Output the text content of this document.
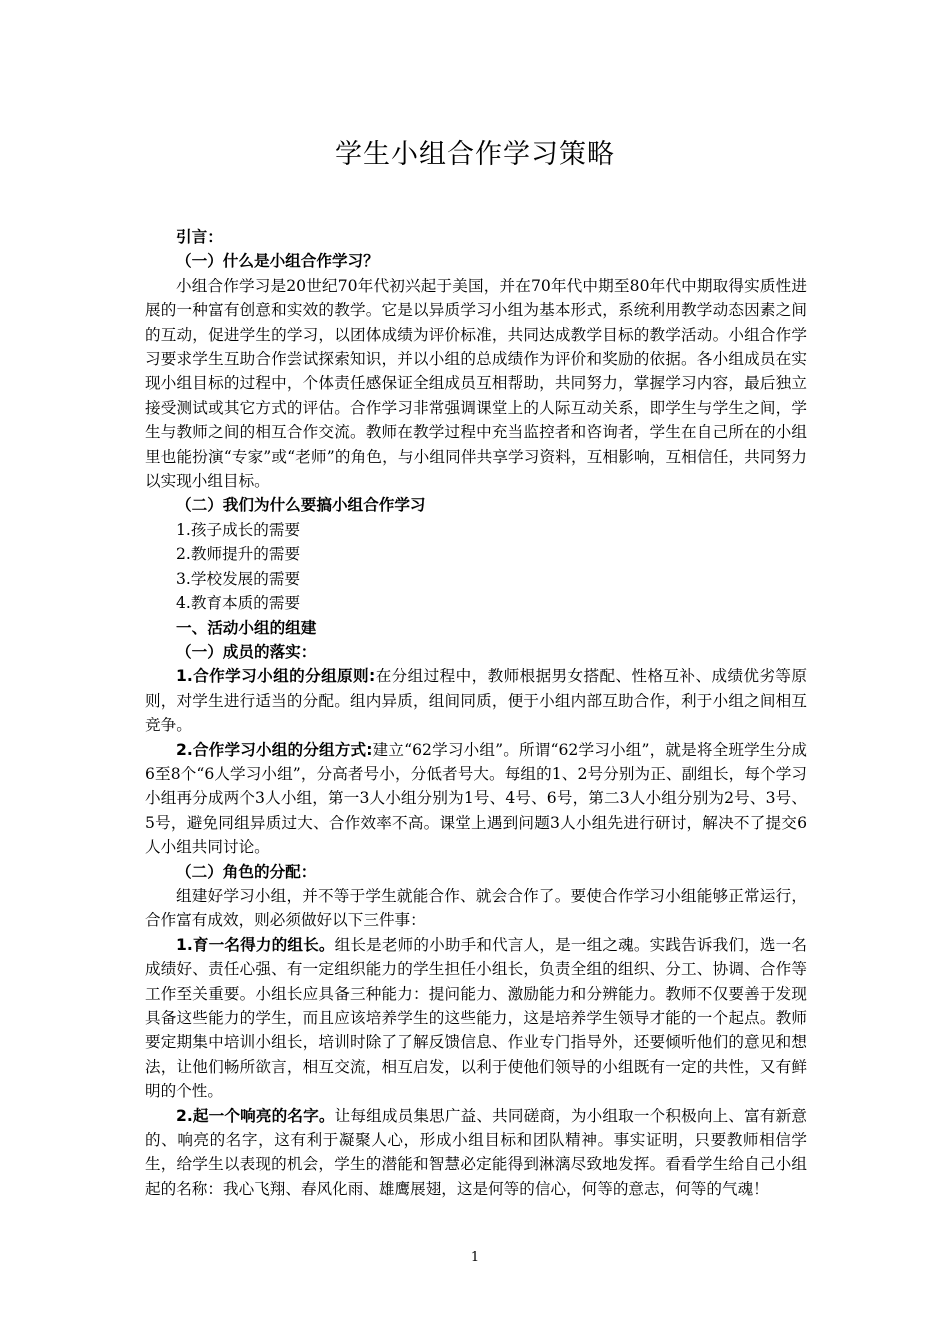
学生小组合作学习策略

引言：

（一）什么是小组合作学习？

小组合作学习是20世纪70年代初兴起于美国，并在70年代中期至80年代中期取得实质性进展的一种富有创意和实效的教学。它是以异质学习小组为基本形式，系统利用教学动态因素之间的互动，促进学生的学习，以团体成绩为评价标准，共同达成教学目标的教学活动。小组合作学习要求学生互助合作尝试探索知识，并以小组的总成绩作为评价和奖励的依据。各小组成员在实现小组目标的过程中，个体责任感保证全组成员互相帮助，共同努力，掌握学习内容，最后独立接受测试或其它方式的评估。合作学习非常强调课堂上的人际互动关系，即学生与学生之间，学生与教师之间的相互合作交流。教师在教学过程中充当监控者和咨询者，学生在自己所在的小组里也能扮演“专家”或“老师”的角色，与小组同伴共享学习资料，互相影响，互相信任，共同努力以实现小组目标。

（二）我们为什么要搞小组合作学习

1.孩子成长的需要

2.教师提升的需要

3.学校发展的需要

4.教育本质的需要

一、活动小组的组建

（一）成员的落实：

1.合作学习小组的分组原则:在分组过程中，教师根据男女搭配、性格互补、成绩优劣等原则，对学生进行适当的分配。组内异质，组间同质，便于小组内部互助合作，利于小组之间相互竞争。

2.合作学习小组的分组方式:建立“62学习小组”。所谓“62学习小组”，就是将全班学生分成6至8个“6人学习小组”，分高者号小，分低者号大。每组的1、2号分别为正、副组长，每个学习小组再分成两个3人小组，第一3人小组分别为1号、4号、6号，第二3人小组分别为2号、3号、5号，避免同组异质过大、合作效率不高。课堂上遇到问题3人小组先进行研讨，解决不了提交6人小组共同讨论。

（二）角色的分配：

组建好学习小组，并不等于学生就能合作、就会合作了。要使合作学习小组能够正常运行，合作富有成效，则必须做好以下三件事：

1.育一名得力的组长。组长是老师的小助手和代言人，是一组之魂。实践告诉我们，选一名成绩好、责任心强、有一定组织能力的学生担任小组长，负责全组的组织、分工、协调、合作等工作至关重要。小组长应具备三种能力：提问能力、激励能力和分辨能力。教师不仅要善于发现具备这些能力的学生，而且应该培养学生的这些能力，这是培养学生领导才能的一个起点。教师要定期集中培训小组长，培训时除了了解反馈信息、作业专门指导外，还要倾听他们的意见和想法，让他们畅所欲言，相互交流，相互启发，以利于使他们领导的小组既有一定的共性，又有鲜明的个性。

2.起一个响亮的名字。让每组成员集思广益、共同磋商，为小组取一个积极向上、富有新意的、响亮的名字，这有利于凝聚人心，形成小组目标和团队精神。事实证明，只要教师相信学生，给学生以表现的机会，学生的潜能和智慧必定能得到淋漓尽致地发挥。看看学生给自己小组起的名称：我心飞翔、春风化雨、雄鹰展翅，这是何等的信心，何等的意志，何等的气魂！

1
